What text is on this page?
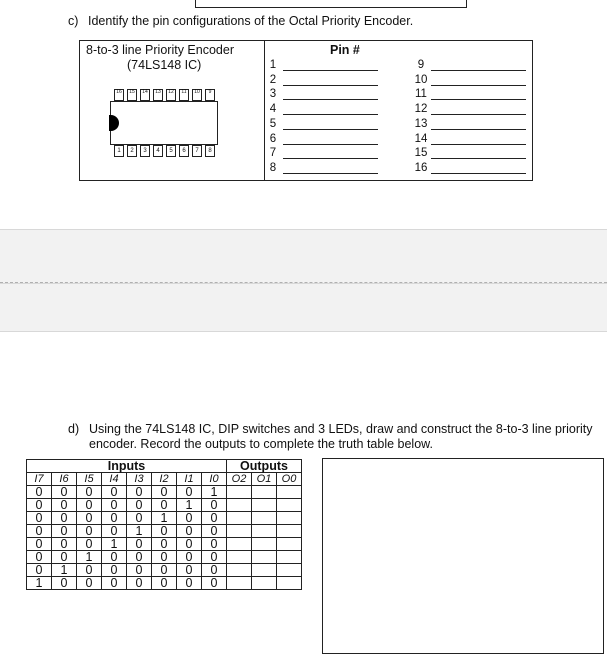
c) Identify the pin configurations of the Octal Priority Encoder.
8-to-3 line Priority Encoder
(74LS148 IC)
16	15	14	13	12	11	10	9
1	2	3	4	5	6	7	8
Pin #
1
2
3
4
5
6
7
8
9
10
11
12
13
14
15
16
d) Using the 74LS148 IC, DIP switches and 3 LEDs, draw and construct the 8-to-3 line priority
encoder. Record the outputs to complete the truth table below.
Inputs								Outputs		
I7	I6	I5	I4	I3	I2	I1	I0	O2	O1	O0
0	0	0	0	0	0	0	1			
0	0	0	0	0	0	1	0			
0	0	0	0	0	1	0	0			
0	0	0	0	1	0	0	0			
0	0	0	1	0	0	0	0			
0	0	1	0	0	0	0	0			
0	1	0	0	0	0	0	0			
1	0	0	0	0	0	0	0			
